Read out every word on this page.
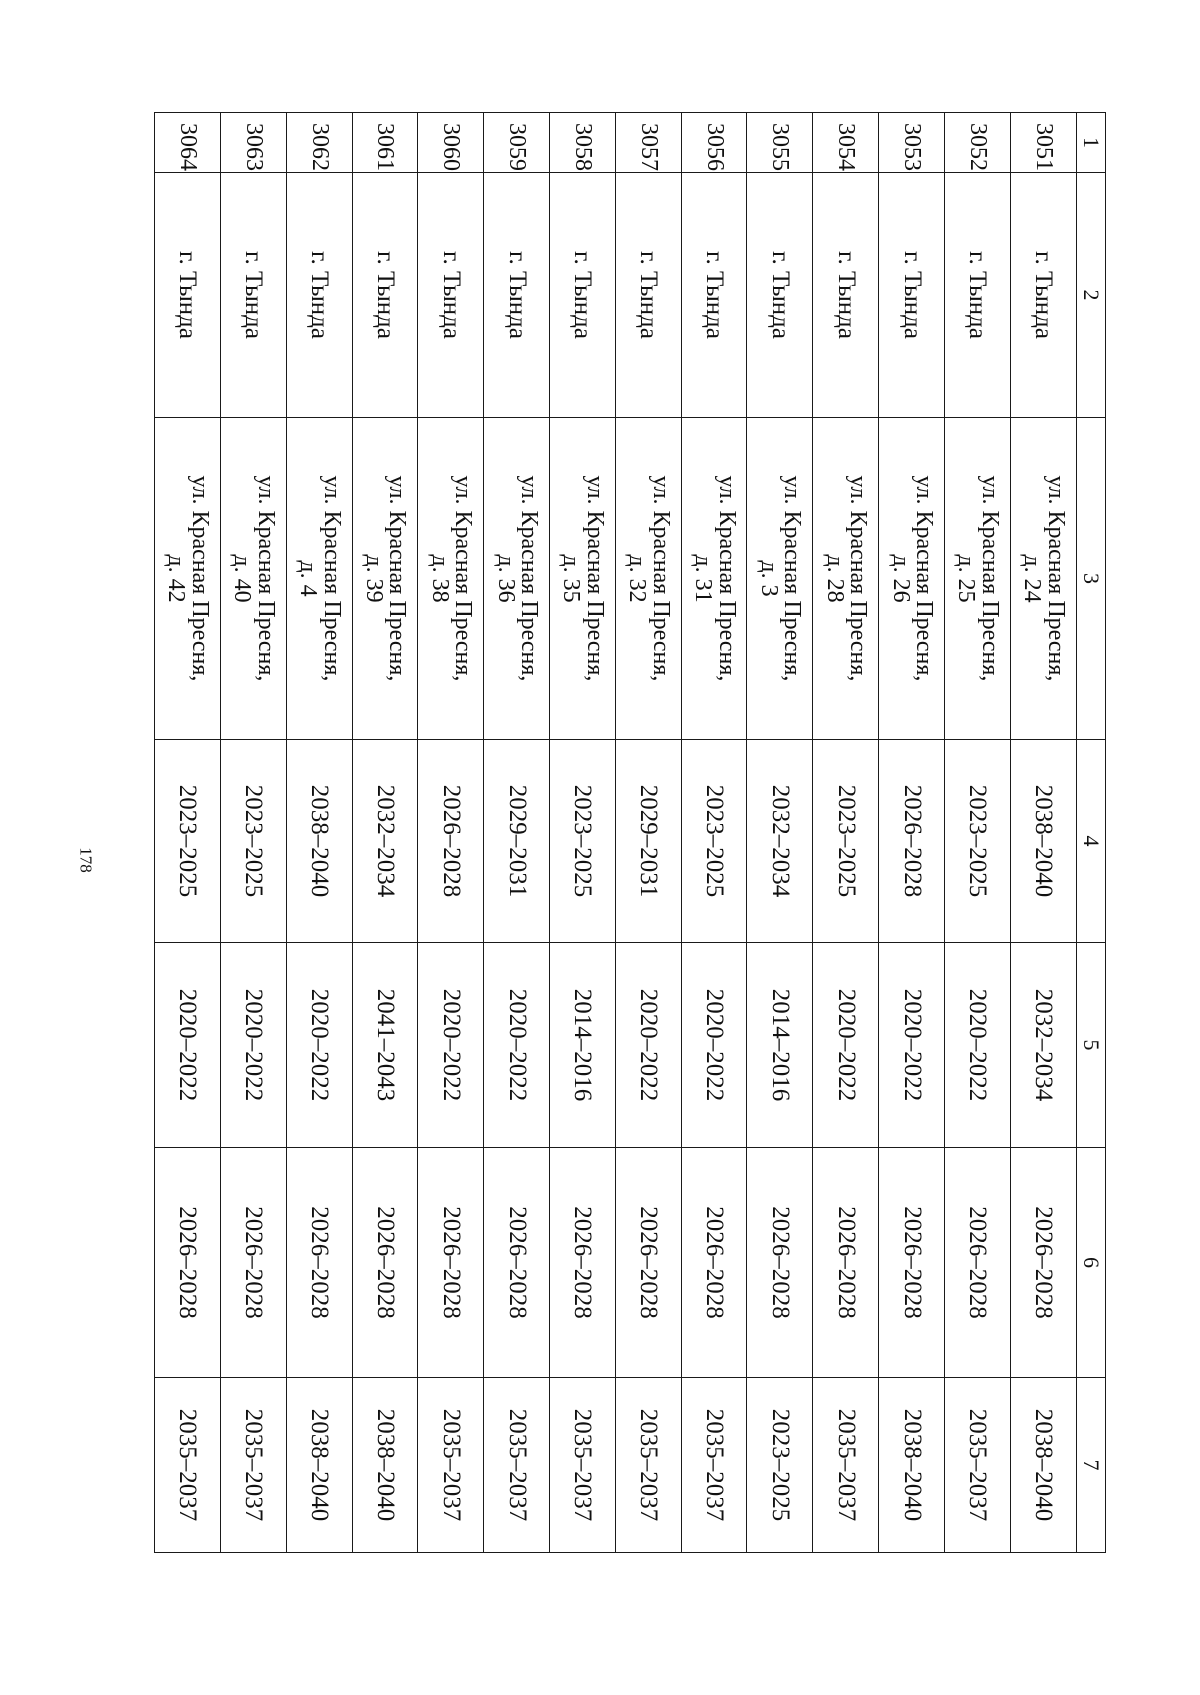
178
1	2	3	4	5	6	7
3051	г. Тында	ул. Красная Пресня,
д. 24	2038–2040	2032–2034	2026–2028	2038–2040
3052	г. Тында	ул. Красная Пресня,
д. 25	2023–2025	2020–2022	2026–2028	2035–2037
3053	г. Тында	ул. Красная Пресня,
д. 26	2026–2028	2020–2022	2026–2028	2038–2040
3054	г. Тында	ул. Красная Пресня,
д. 28	2023–2025	2020–2022	2026–2028	2035–2037
3055	г. Тында	ул. Красная Пресня,
д. 3	2032–2034	2014–2016	2026–2028	2023–2025
3056	г. Тында	ул. Красная Пресня,
д. 31	2023–2025	2020–2022	2026–2028	2035–2037
3057	г. Тында	ул. Красная Пресня,
д. 32	2029–2031	2020–2022	2026–2028	2035–2037
3058	г. Тында	ул. Красная Пресня,
д. 35	2023–2025	2014–2016	2026–2028	2035–2037
3059	г. Тында	ул. Красная Пресня,
д. 36	2029–2031	2020–2022	2026–2028	2035–2037
3060	г. Тында	ул. Красная Пресня,
д. 38	2026–2028	2020–2022	2026–2028	2035–2037
3061	г. Тында	ул. Красная Пресня,
д. 39	2032–2034	2041–2043	2026–2028	2038–2040
3062	г. Тында	ул. Красная Пресня,
д. 4	2038–2040	2020–2022	2026–2028	2038–2040
3063	г. Тында	ул. Красная Пресня,
д. 40	2023–2025	2020–2022	2026–2028	2035–2037
3064	г. Тында	ул. Красная Пресня,
д. 42	2023–2025	2020–2022	2026–2028	2035–2037
